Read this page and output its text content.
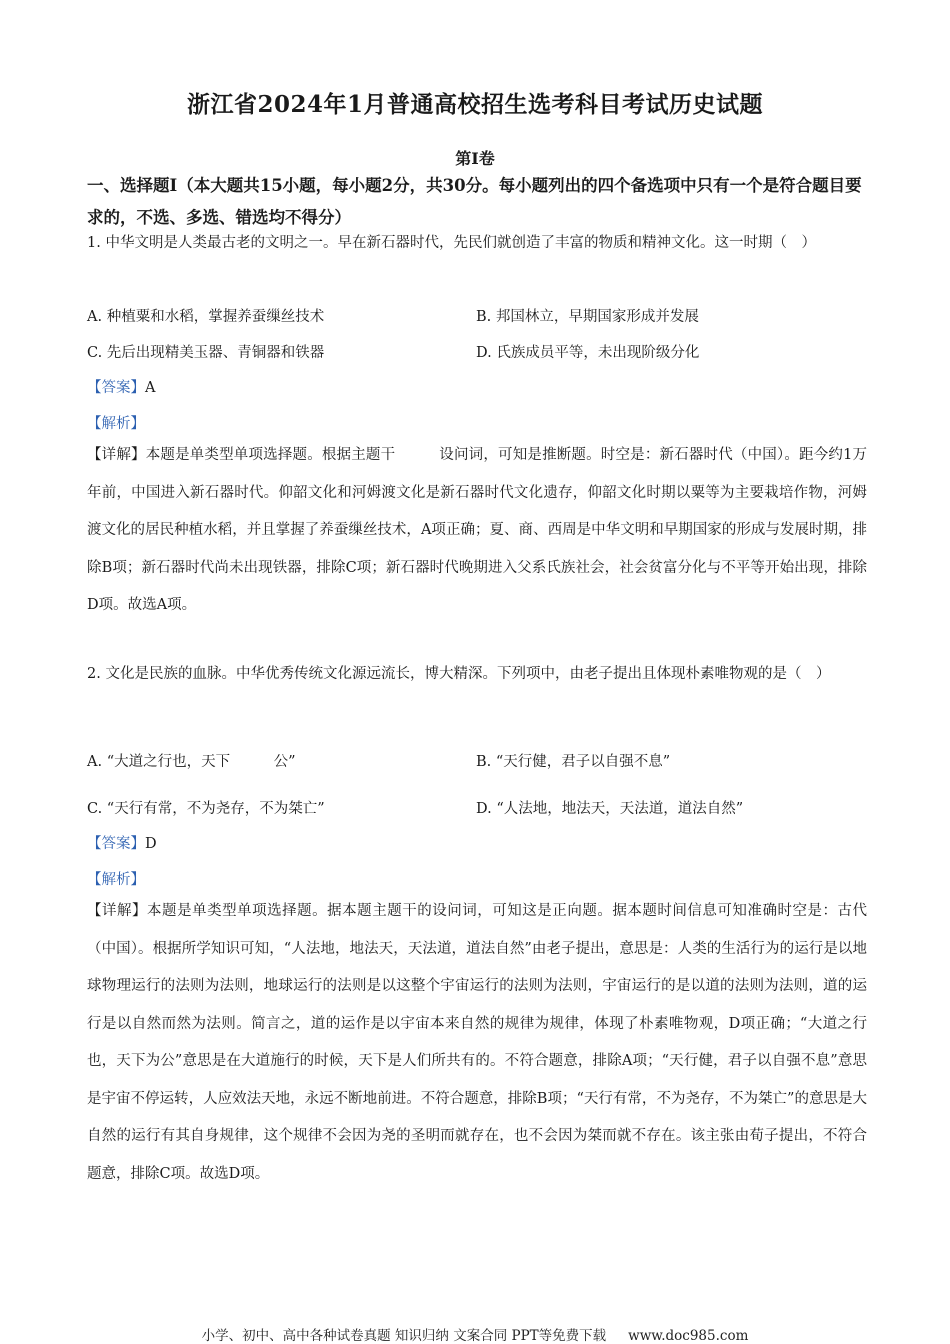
浙江省2024年1月普通高校招生选考科目考试历史试题
第Ⅰ卷
一、选择题Ⅰ（本大题共15小题，每小题2分，共30分。每小题列出的四个备选项中只有一个是符合题目要求的，不选、多选、错选均不得分）
1. 中华文明是人类最古老的文明之一。早在新石器时代，先民们就创造了丰富的物质和精神文化。这一时期（　）
A. 种植粟和水稻，掌握养蚕缫丝技术	B. 邦国林立，早期国家形成并发展
C. 先后出现精美玉器、青铜器和铁器	D. 氏族成员平等，未出现阶级分化
【答案】A
【解析】
【详解】本题是单类型单项选择题。根据主题干　　　设问词，可知是推断题。时空是：新石器时代（中国）。距今约1万年前，中国进入新石器时代。仰韶文化和河姆渡文化是新石器时代文化遗存，仰韶文化时期以粟等为主要栽培作物，河姆渡文化的居民种植水稻，并且掌握了养蚕缫丝技术，A项正确；夏、商、西周是中华文明和早期国家的形成与发展时期，排除B项；新石器时代尚未出现铁器，排除C项；新石器时代晚期进入父系氏族社会，社会贫富分化与不平等开始出现，排除D项。故选A项。
2. 文化是民族的血脉。中华优秀传统文化源远流长，博大精深。下列项中，由老子提出且体现朴素唯物观的是（　）
A. “大道之行也，天下　　　公”	B. “天行健，君子以自强不息”
C. “天行有常，不为尧存，不为桀亡”	D. “人法地，地法天，天法道，道法自然”
【答案】D
【解析】
【详解】本题是单类型单项选择题。据本题主题干的设问词，可知这是正向题。据本题时间信息可知准确时空是：古代（中国）。根据所学知识可知，“人法地，地法天，天法道，道法自然”由老子提出，意思是：人类的生活行为的运行是以地球物理运行的法则为法则，地球运行的法则是以这整个宇宙运行的法则为法则，宇宙运行的是以道的法则为法则，道的运行是以自然而然为法则。简言之，道的运作是以宇宙本来自然的规律为规律，体现了朴素唯物观，D项正确；“大道之行也，天下为公”意思是在大道施行的时候，天下是人们所共有的。不符合题意，排除A项；“天行健，君子以自强不息”意思是宇宙不停运转，人应效法天地，永远不断地前进。不符合题意，排除B项；“天行有常，不为尧存，不为桀亡”的意思是大自然的运行有其自身规律，这个规律不会因为尧的圣明而就存在，也不会因为桀而就不存在。该主张由荀子提出，不符合题意，排除C项。故选D项。
小学、初中、高中各种试卷真题 知识归纳 文案合同 PPT等免费下载 www.doc985.com
